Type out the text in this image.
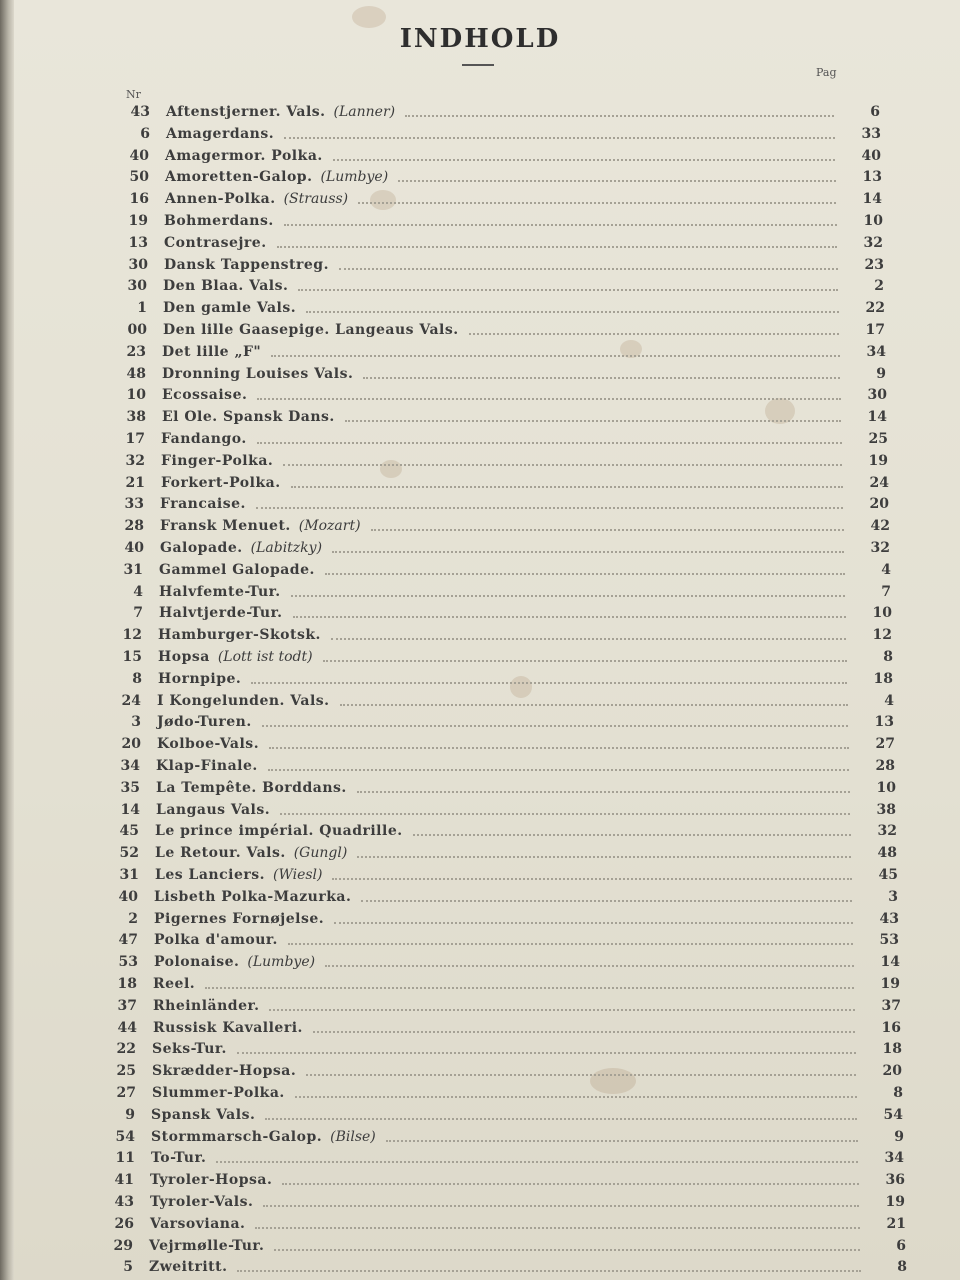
INDHOLD
Nr
Pag
43 Aftenstjerner. Vals. (Lanner)	6
6 Amagerdans.	33
40 Amagermor. Polka.	40
50 Amoretten-Galop. (Lumbye)	13
16 Annen-Polka. (Strauss)	14
19 Bohmerdans.	10
13 Contrasejre.	32
30 Dansk Tappenstreg.	23
30 Den Blaa. Vals.	2
1 Den gamle Vals.	22
00 Den lille Gaasepige. Langeaus Vals.	17
23 Det lille „F"	34
48 Dronning Louises Vals.	9
10 Ecossaise.	30
38 El Ole. Spansk Dans.	14
17 Fandango.	25
32 Finger-Polka.	19
21 Forkert-Polka.	24
33 Francaise.	20
28 Fransk Menuet. (Mozart)	42
40 Galopade. (Labitzky)	32
31 Gammel Galopade.	4
4 Halvfemte-Tur.	7
7 Halvtjerde-Tur.	10
12 Hamburger-Skotsk.	12
15 Hopsa (Lott ist todt)	8
8 Hornpipe.	18
24 I Kongelunden. Vals.	4
3 Jødo-Turen.	13
20 Kolboe-Vals.	27
34 Klap-Finale.	28
35 La Tempête. Borddans.	10
14 Langaus Vals.	38
45 Le prince impérial. Quadrille.	32
52 Le Retour. Vals. (Gungl)	48
31 Les Lanciers. (Wiesl)	45
40 Lisbeth Polka-Mazurka.	3
2 Pigernes Fornøjelse.	43
47 Polka d'amour.	53
53 Polonaise. (Lumbye)	14
18 Reel.	19
37 Rheinländer.	37
44 Russisk Kavalleri.	16
22 Seks-Tur.	18
25 Skrædder-Hopsa.	20
27 Slummer-Polka.	8
9 Spansk Vals.	54
54 Stormmarsch-Galop. (Bilse)	9
11 To-Tur.	34
41 Tyroler-Hopsa.	36
43 Tyroler-Vals.	19
26 Varsoviana.	21
29 Vejrmølle-Tur.	6
5 Zweitritt.	8
